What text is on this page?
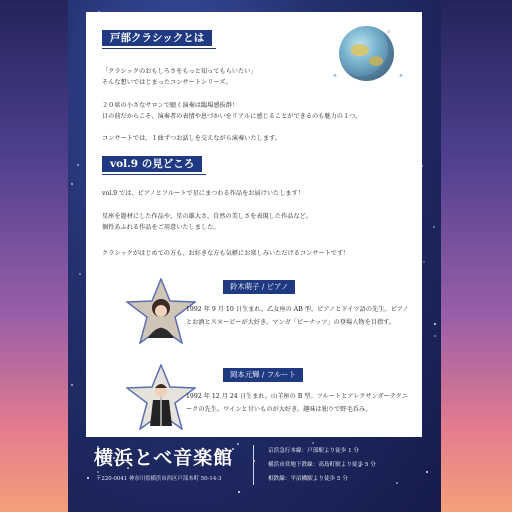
戸部クラシックとは
✦
✧
✦
「クラシックのおもしろさをもっと知ってもらいたい」
そんな想いではじまったコンサートシリーズ。
２０席の小さなサロンで聴く演奏は臨場感抜群！
目の前だからこそ、演奏者の表情や息づかいをリアルに感じることができるのも魅力の１つ。
コンサートでは、１曲ずつお話しを交えながら演奏いたします。
vol.9 の見どころ
vol.9 では、ピアノとフルートで星にまつわる作品をお届けいたします！
星座を題材にした作品や、星の雄大さ、自然の美しさを表現した作品など。
個性あふれる作品をご用意いたしました。
クラシックがはじめての方も、お好きな方も気軽にお楽しみいただけるコンサートです！
鈴木萌子 / ピアノ
1992 年 9 月 10 日生まれ。乙女座の AB 型。ピアノとドイツ語の先生。ピアノとお酒とスヌーピーが大好き。マンガ「ピーナッツ」の登場人物を目指す。
岡本元輝 / フルート
1992 年 12 月 24 日生まれ。山羊座の B 型。フルートとアレクサンダーテクニークの先生。ワインと甘いものが大好き。趣味は独りで野毛呑み。
横浜とべ音楽館
〒220-0041 神奈川県横浜市西区戸部本町 50-14-3
京浜急行本線：戸部駅より徒歩 1 分
横浜市営地下鉄線：高島町駅より徒歩 5 分
相鉄線：平沼橋駅より徒歩 5 分
